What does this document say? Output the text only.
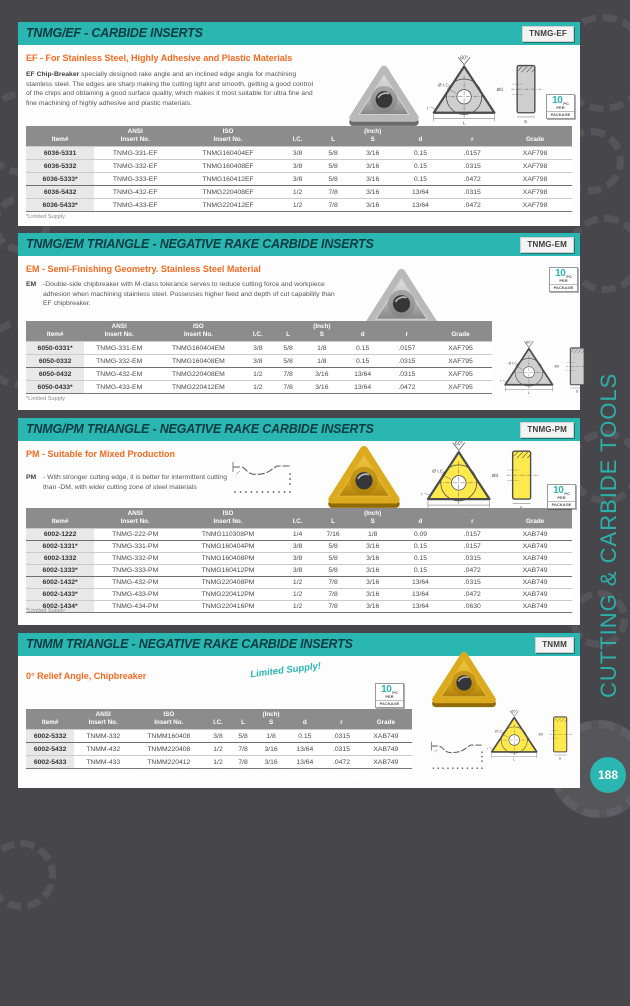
TNMG/EF - CARBIDE INSERTS	TNMG-EF
EF - For Stainless Steel, Highly Adhesive and Plastic Materials

EF Chip-Breaker specially designed rake angle and an inclined edge angle for machining stainless steel. The edges are sharp making the cutting light and smooth, getting a good control of the chips and obtaining a good surface quality, which makes it most suitable for ultra fine and fine machining of highly adhesive and plastic materials.

60°
Ø I.C.
r
L
Ød
S
10 PC
PER
PACKAGE
Item#
ANSI
Insert No.
ISO
Insert No.	I.C.	L
(Inch)
S	d	r	Grade
6036-5331	TNMG-331-EF	TNMG160404EF	3/8	5/8	3/16	0.15	.0157	XAF798
6036-5332	TNMG-332-EF	TNMG160408EF	3/8	5/8	3/16	0.15	.0315	XAF798
6036-5333*	TNMG-333-EF	TNMG160412EF	3/8	5/8	3/16	0.15	.0472	XAF798
6036-5432	TNMG-432-EF	TNMG220408EF	1/2	7/8	3/16	13/64	.0315	XAF798
6036-5433*	TNMG-433-EF	TNMG220412EF	1/2	7/8	3/16	13/64	.0472	XAF798
*Limited Supply
TNMG/EM TRIANGLE - NEGATIVE RAKE CARBIDE INSERTS	TNMG-EM
EM - Semi-Finishing Geometry. Stainless Steel Material

EM -Double-side chipbreaker with M-class tolerance serves to reduce cutting force and workpiece adhesion when machining stainless steel. Possesses higher feed and depth of cut capability than EF chipbreaker.

10 PC
PER
PACKAGE
Item#
ANSI
Insert No.
ISO
Insert No.	I.C.	L
(Inch)
S	d	r	Grade
6050-0331*	TNMG-331-EM	TNMG160404EM	3/8	5/8	1/8	0.15	.0157	XAF795
6050-0332	TNMG-332-EM	TNMG160408EM	3/8	5/8	1/8	0.15	.0315	XAF795
6050-0432	TNMG-432-EM	TNMG220408EM	1/2	7/8	3/16	13/64	.0315	XAF795
6050-0433*	TNMG-433-EM	TNMG220412EM	1/2	7/8	3/16	13/64	.0472	XAF795
*Limited Supply
60°
Ø I.C.
r
L
Ød
S
TNMG/PM TRIANGLE - NEGATIVE RAKE CARBIDE INSERTS	TNMG-PM
PM - Suitable for Mixed Production

PM - With stronger cutting edge, it is better for intermittent cutting than -DM, with wider cutting zone of steel materials

60°
Ø I.C.
r
Ød
10 PC
PER
PACKAGE
Item#
ANSI
Insert No.
ISO
Insert No.	I.C.	L
(Inch)
S	d	r	Grade
6002-1222	TNMG-222-PM	TNMG110308PM	1/4	7/16	1/8	0.09	.0157	XAB749
6002-1331*	TNMG-331-PM	TNMG160404PM	3/8	5/8	3/16	0.15	.0157	XAB749
6002-1332	TNMG-332-PM	TNMG160408PM	3/8	5/8	3/16	0.15	.0315	XAB749
6002-1333*	TNMG-333-PM	TNMG160412PM	3/8	5/8	3/16	0.15	.0472	XAB749
6002-1432*	TNMG-432-PM	TNMG220408PM	1/2	7/8	3/16	13/64	.0315	XAB749
6002-1433*	TNMG-433-PM	TNMG220412PM	1/2	7/8	3/16	13/64	.0472	XAB749
6002-1434*	TNMG-434-PM	TNMG220416PM	1/2	7/8	3/16	13/64	.0630	XAB749
*Limited Supply
TNMM TRIANGLE - NEGATIVE RAKE CARBIDE INSERTS	TNMM
0° Relief Angle, Chipbreaker	Limited Supply!
10 PC
PER
PACKAGE
60°
Ø I.C.
r
L
Ød
S
Item#
ANSI
Insert No.
ISO
Insert No.	I.C.	L
(Inch)
S	d	r	Grade
6002-5332	TNMM-332	TNMM160408	3/8	5/8	1/8	0.15	.0315	XAB749
6002-5432	TNMM-432	TNMM220408	1/2	7/8	3/16	13/64	.0315	XAB749
6002-5433	TNMM-433	TNMM220412	1/2	7/8	3/16	13/64	.0472	XAB749
Carbide grades and insert classification shown on pages 167-170
CUTTING & CARBIDE TOOLS
188
